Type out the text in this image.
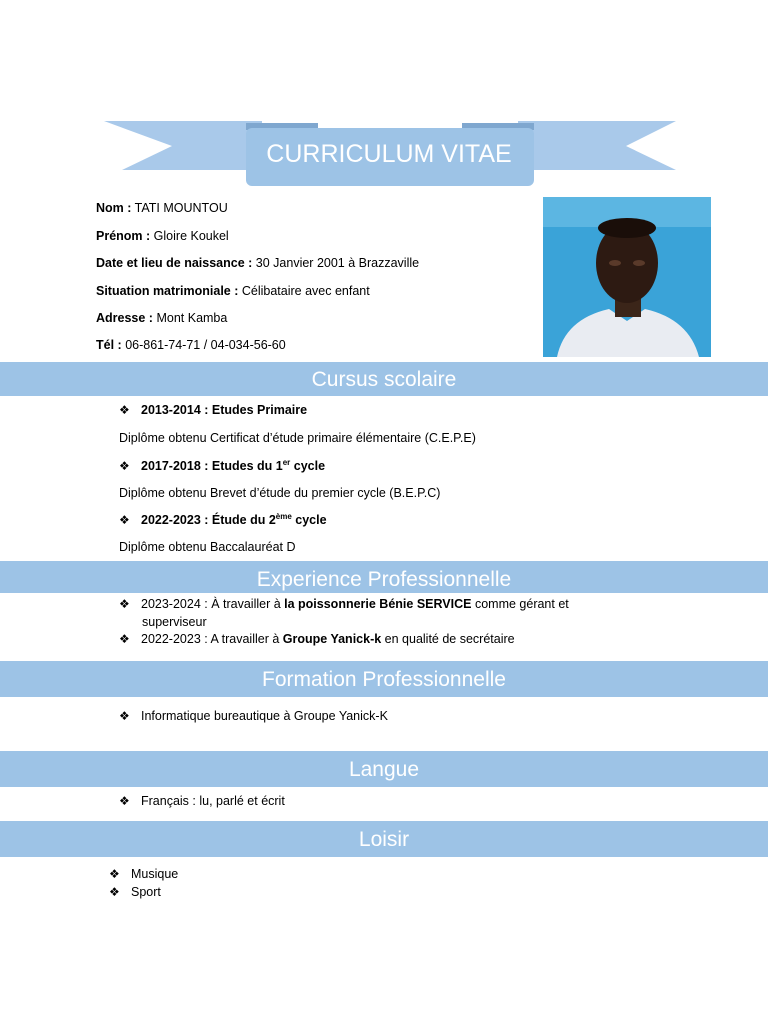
CURRICULUM VITAE
Nom : TATI MOUNTOU
Prénom : Gloire Koukel
Date et lieu de naissance : 30 Janvier 2001 à Brazzaville
Situation matrimoniale : Célibataire avec enfant
Adresse : Mont Kamba
Tél : 06-861-74-71 / 04-034-56-60
Cursus scolaire
❖ 2013-2014 : Etudes Primaire
Diplôme obtenu Certificat d’étude primaire élémentaire (C.E.P.E)
❖ 2017-2018 : Etudes du 1er cycle
Diplôme obtenu Brevet d’étude du premier cycle (B.E.P.C)
❖ 2022-2023 : Étude du 2ème cycle
Diplôme obtenu Baccalauréat D
Experience Professionnelle
❖ 2023-2024 : À travailler à la poissonnerie Bénie SERVICE comme gérant et
superviseur
❖ 2022-2023 : A travailler à Groupe Yanick-k en qualité de secrétaire
Formation Professionnelle
❖ Informatique bureautique à Groupe Yanick-K
Langue
❖ Français : lu, parlé et écrit
Loisir
❖ Musique
❖ Sport
